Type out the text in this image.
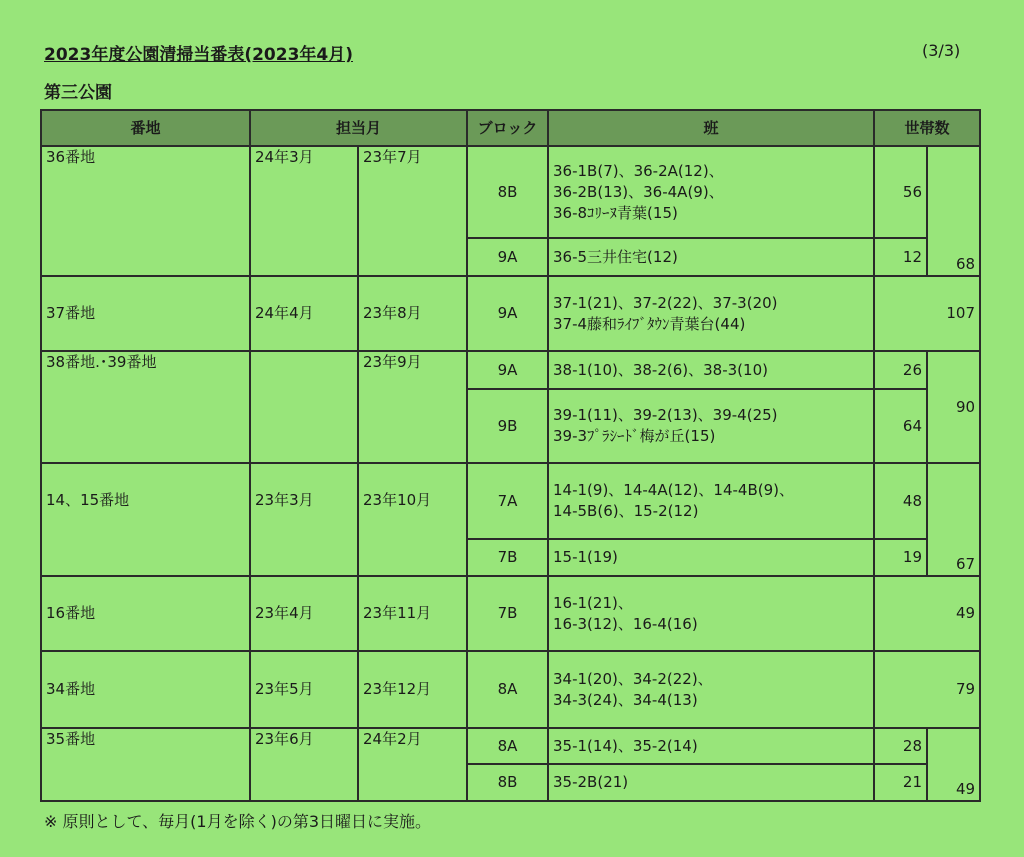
2023年度公園清掃当番表(2023年4月)	(3/3)
第三公園
番地	担当月		ブロック	班	世帯数	
36番地	24年3月	23年7月	8B	36-1B(7)、36-2A(12)、
36-2B(13)、36-4A(9)、
36-8ｺﾘｰﾇ青葉(15)	56	68
			9A	36-5三井住宅(12)	12	
37番地	24年4月	23年8月	9A	37-1(21)、37-2(22)、37-3(20)
37-4藤和ﾗｲﾌﾞﾀｳﾝ青葉台(44)	107	
38番地.･39番地		23年9月	9A	38-1(10)、38-2(6)、38-3(10)	26	90
			9B	39-1(11)、39-2(13)、39-4(25)
39-3ﾌﾟﾗｼｰﾄﾞ梅が丘(15)	64	
14、15番地	23年3月	23年10月	7A	14-1(9)、14-4A(12)、14-4B(9)、
14-5B(6)、15-2(12)	48	67
			7B	15-1(19)	19	
16番地	23年4月	23年11月	7B	16-1(21)、
16-3(12)、16-4(16)	49	
34番地	23年5月	23年12月	8A	34-1(20)、34-2(22)、
34-3(24)、34-4(13)	79	
35番地	23年6月	24年2月	8A	35-1(14)、35-2(14)	28	49
			8B	35-2B(21)	21	
※ 原則として、毎月(1月を除く)の第3日曜日に実施。
